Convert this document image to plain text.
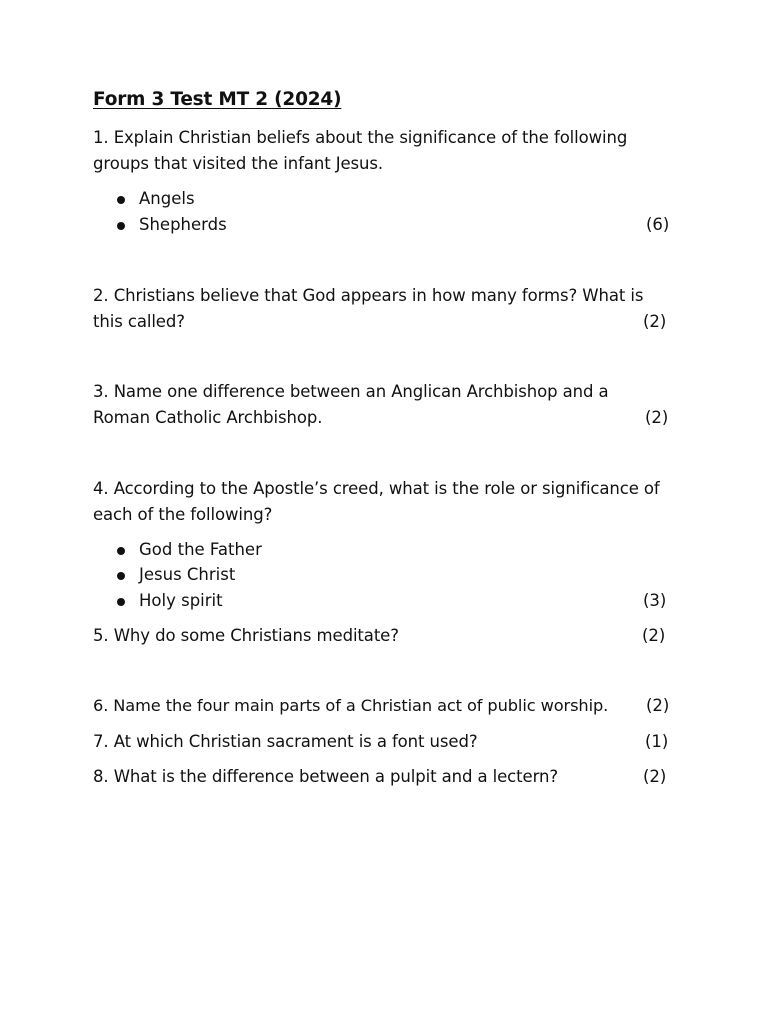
Form 3 Test MT 2 (2024)
1. Explain Christian beliefs about the significance of the following
groups that visited the infant Jesus.
Angels
Shepherds	(6)
2. Christians believe that God appears in how many forms? What is
this called?	(2)
3. Name one difference between an Anglican Archbishop and a
Roman Catholic Archbishop.	(2)
4. According to the Apostle’s creed, what is the role or significance of
each of the following?
God the Father
Jesus Christ
Holy spirit	(3)
5. Why do some Christians meditate?	(2)
6. Name the four main parts of a Christian act of public worship. (2)
7. At which Christian sacrament is a font used?	(1)
8. What is the difference between a pulpit and a lectern?	(2)
